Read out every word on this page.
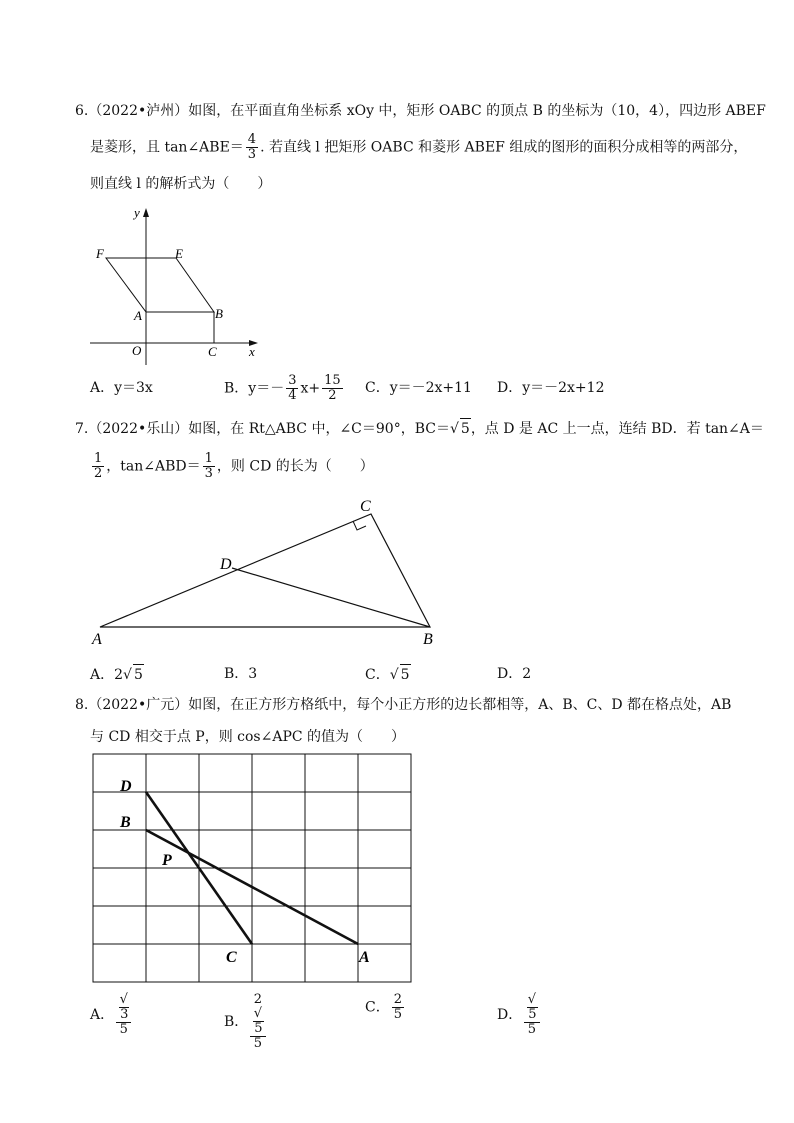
6.（2022•泸州）如图，在平面直角坐标系 xOy 中，矩形 OABC 的顶点 B 的坐标为（10，4），四边形 ABEF
是菱形，且 tan∠ABE＝ $\frac{4}{3}$ . 若直线 l 把矩形 OABC 和菱形 ABEF 组成的图形的面积分成相等的两部分，
则直线 l 的解析式为（　　）
y
x
F	E
A	B
O	C
A．y＝3x	B．$y=- \frac{3}{4} x+ \frac{15}{2}$ C．y＝－2x+11 D．y＝－2x+12
7.（2022•乐山）如图，在 Rt△ABC 中，∠C＝90°，BC＝√ 5，点 D 是 AC 上一点，连结 BD．若 tan∠A＝
$\frac{1}{2}$ ，tan∠ABD＝ $\frac{1}{3}$ ，则 CD 的长为（　　）
A	B
C
D
A．2√ 5	B．3	C．√ 5	D．2
8.（2022•广元）如图，在正方形方格纸中，每个小正方形的边长都相等，A、B、C、D 都在格点处，AB
与 CD 相交于点 P，则 cos∠APC 的值为（　　）
D
B
P
C	A
A． √
3
5	B． 2
√
5
5	C． $\frac{2}{5}$	D． √
5
5
